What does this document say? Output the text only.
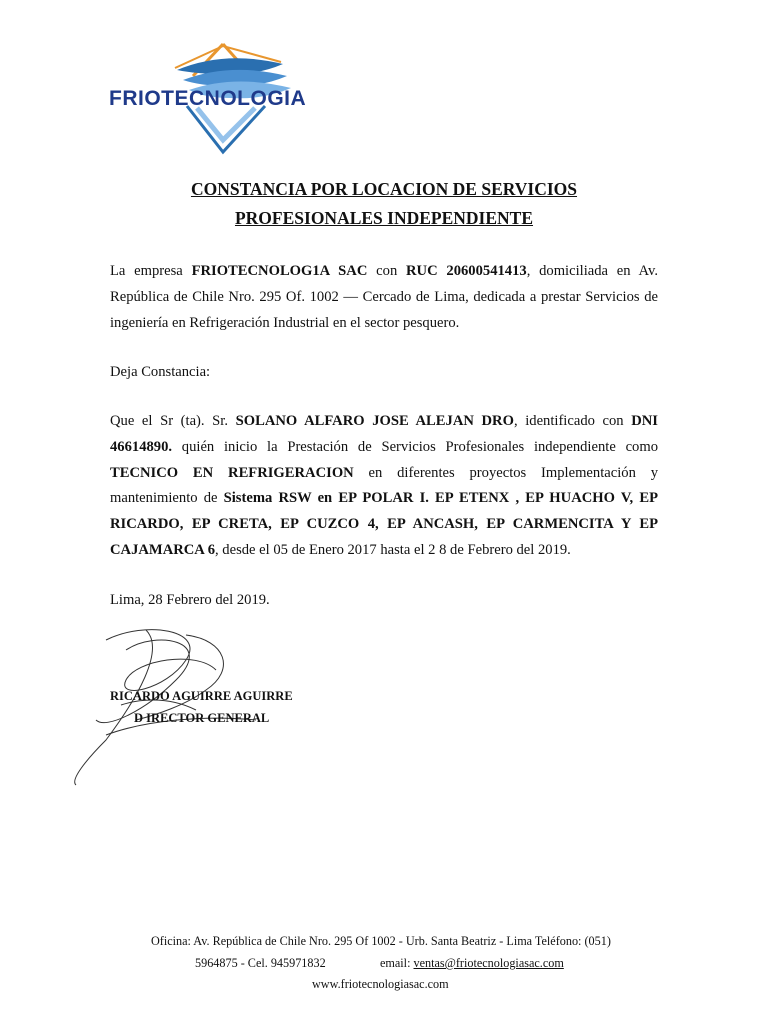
FRIOTECNOLOGIA
CONSTANCIA POR LOCACION DE SERVICIOS
PROFESIONALES INDEPENDIENTE
La empresa FRIOTECNOLOG1A SAC con RUC 20600541413, domiciliada en Av. República de Chile Nro. 295 Of. 1002 — Cercado de Lima, dedicada a prestar Servicios de ingeniería en Refrigeración Industrial en el sector pesquero.
Deja Constancia:
Que el Sr (ta). Sr. SOLANO ALFARO JOSE ALEJAN DRO, identificado con DNI 46614890. quién inicio la Prestación de Servicios Profesionales independiente como TECNICO EN REFRIGERACION en diferentes proyectos Implementación y mantenimiento de Sistema RSW en EP POLAR I. EP ETENX , EP HUACHO V, EP RICARDO, EP CRETA, EP CUZCO 4, EP ANCASH, EP CARMENCITA Y EP CAJAMARCA 6, desde el 05 de Enero 2017 hasta el 2 8 de Febrero del 2019.
Lima, 28 Febrero del 2019.
RICARDO AGUIRRE AGUIRRE
D IRECTOR GENERAL
Oficina: Av. República de Chile Nro. 295 Of 1002 - Urb. Santa Beatriz - Lima Teléfono: (051)
5964875 - Cel. 945971832	email: ventas@friotecnologiasac.com
www.friotecnologiasac.com
